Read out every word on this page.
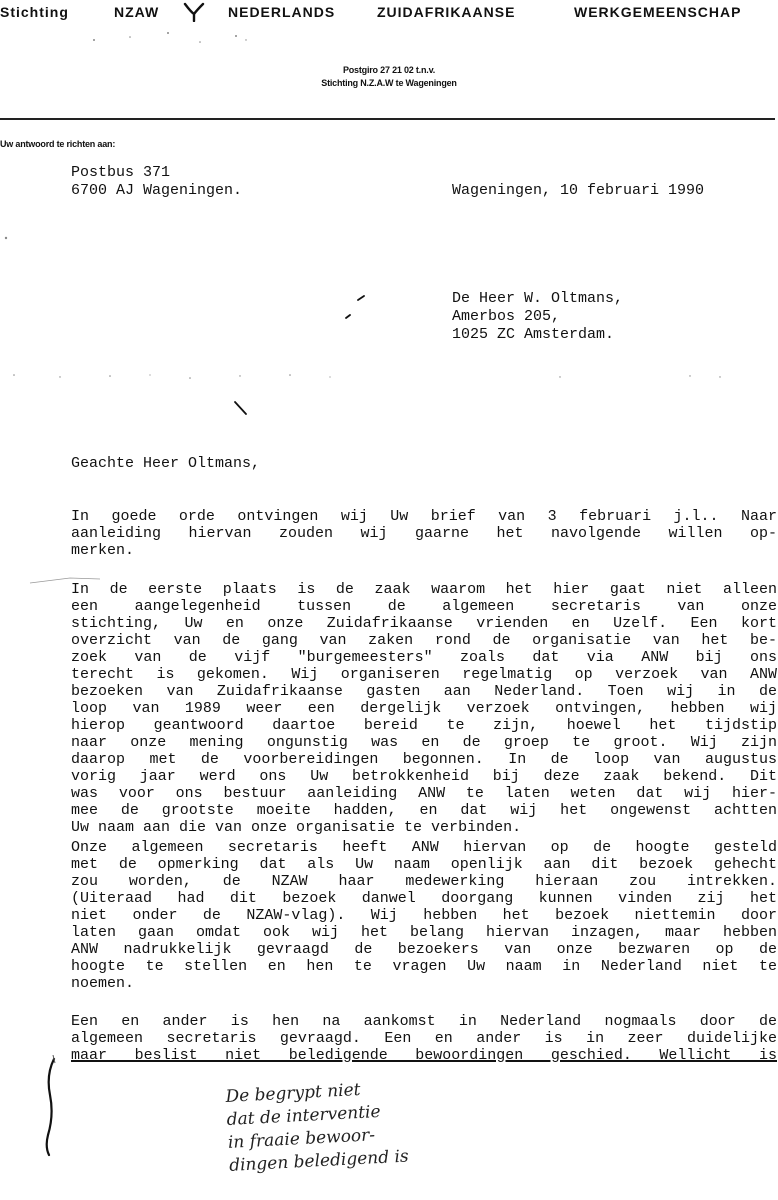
Stichting	NZAW	NEDERLANDS	ZUIDAFRIKAANSE	WERKGEMEENSCHAP
Postgiro 27 21 02 t.n.v.
Stichting N.Z.A.W te Wageningen
Uw antwoord te richten aan:
Postbus 371
6700 AJ Wageningen.	Wageningen, 10 februari 1990
De Heer W. Oltmans,
Amerbos 205,
1025 ZC Amsterdam.
Geachte Heer Oltmans,
In goede orde ontvingen wij Uw brief van 3 februari j.l.. Naar
aanleiding hiervan zouden wij gaarne het navolgende willen op-
merken.
In de eerste plaats is de zaak waarom het hier gaat niet alleen
een aangelegenheid tussen de algemeen secretaris van onze
stichting, Uw en onze Zuidafrikaanse vrienden en Uzelf. Een kort
overzicht van de gang van zaken rond de organisatie van het be-
zoek van de vijf "burgemeesters" zoals dat via ANW bij ons
terecht is gekomen. Wij organiseren regelmatig op verzoek van ANW
bezoeken van Zuidafrikaanse gasten aan Nederland. Toen wij in de
loop van 1989 weer een dergelijk verzoek ontvingen, hebben wij
hierop geantwoord daartoe bereid te zijn, hoewel het tijdstip
naar onze mening ongunstig was en de groep te groot. Wij zijn
daarop met de voorbereidingen begonnen. In de loop van augustus
vorig jaar werd ons Uw betrokkenheid bij deze zaak bekend. Dit
was voor ons bestuur aanleiding ANW te laten weten dat wij hier-
mee de grootste moeite hadden, en dat wij het ongewenst achtten
Uw naam aan die van onze organisatie te verbinden.
Onze algemeen secretaris heeft ANW hiervan op de hoogte gesteld
met de opmerking dat als Uw naam openlijk aan dit bezoek gehecht
zou worden, de NZAW haar medewerking hieraan zou intrekken.
(Uiteraad had dit bezoek danwel doorgang kunnen vinden zij het
niet onder de NZAW-vlag). Wij hebben het bezoek niettemin door
laten gaan omdat ook wij het belang hiervan inzagen, maar hebben
ANW nadrukkelijk gevraagd de bezoekers van onze bezwaren op de
hoogte te stellen en hen te vragen Uw naam in Nederland niet te
noemen.
Een en ander is hen na aankomst in Nederland nogmaals door de
algemeen secretaris gevraagd. Een en ander is in zeer duidelijke
maar beslist niet beledigende bewoordingen geschied. Wellicht is
De begrypt niet
dat de interventie
in fraaie bewoor-
dingen beledigend is
